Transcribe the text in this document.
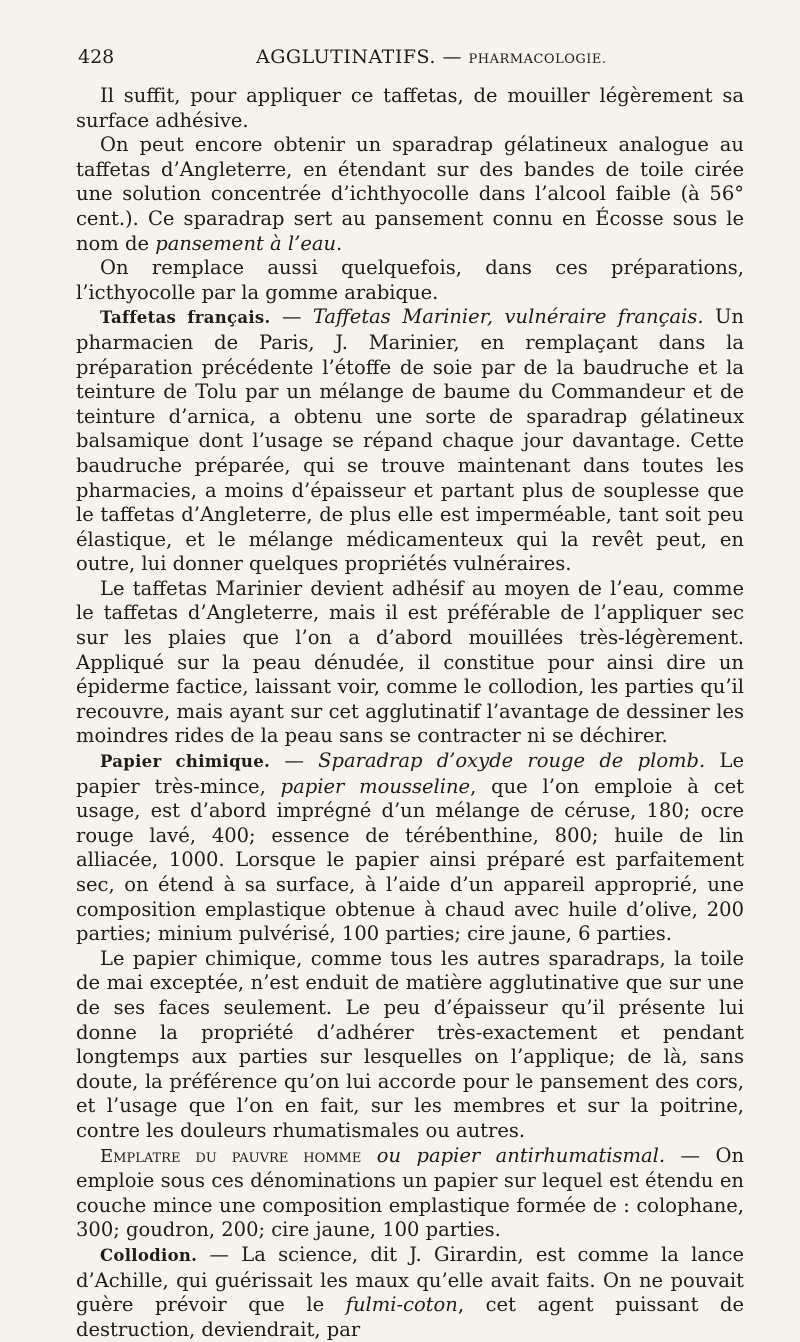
428	AGGLUTINATIFS. — PHARMACOLOGIE.

Il suffit, pour appliquer ce taffetas, de mouiller légèrement sa surface adhésive.

On peut encore obtenir un sparadrap gélatineux analogue au taffetas d’Angleterre, en étendant sur des bandes de toile cirée une solution concentrée d’ichthyocolle dans l’alcool faible (à 56° cent.). Ce sparadrap sert au pansement connu en Écosse sous le nom de pansement à l’eau.

On remplace aussi quelquefois, dans ces préparations, l’icthyocolle par la gomme arabique.

Taffetas français. — Taffetas Marinier, vulnéraire français. Un pharmacien de Paris, J. Marinier, en remplaçant dans la préparation précédente l’étoffe de soie par de la baudruche et la teinture de Tolu par un mélange de baume du Commandeur et de teinture d’arnica, a obtenu une sorte de sparadrap gélatineux balsamique dont l’usage se répand chaque jour davantage. Cette baudruche préparée, qui se trouve maintenant dans toutes les pharmacies, a moins d’épaisseur et partant plus de souplesse que le taffetas d’Angleterre, de plus elle est imperméable, tant soit peu élastique, et le mélange médicamenteux qui la revêt peut, en outre, lui donner quelques propriétés vulnéraires.

Le taffetas Marinier devient adhésif au moyen de l’eau, comme le taffetas d’Angleterre, mais il est préférable de l’appliquer sec sur les plaies que l’on a d’abord mouillées très-légèrement. Appliqué sur la peau dénudée, il constitue pour ainsi dire un épiderme factice, laissant voir, comme le collodion, les parties qu’il recouvre, mais ayant sur cet agglutinatif l’avantage de dessiner les moindres rides de la peau sans se contracter ni se déchirer.

Papier chimique. — Sparadrap d’oxyde rouge de plomb. Le papier très-mince, papier mousseline, que l’on emploie à cet usage, est d’abord imprégné d’un mélange de céruse, 180; ocre rouge lavé, 400; essence de térébenthine, 800; huile de lin alliacée, 1000. Lorsque le papier ainsi préparé est parfaitement sec, on étend à sa surface, à l’aide d’un appareil approprié, une composition emplastique obtenue à chaud avec huile d’olive, 200 parties; minium pulvérisé, 100 parties; cire jaune, 6 parties.

Le papier chimique, comme tous les autres sparadraps, la toile de mai exceptée, n’est enduit de matière agglutinative que sur une de ses faces seulement. Le peu d’épaisseur qu’il présente lui donne la propriété d’adhérer très-exactement et pendant longtemps aux parties sur lesquelles on l’applique; de là, sans doute, la préférence qu’on lui accorde pour le pansement des cors, et l’usage que l’on en fait, sur les membres et sur la poitrine, contre les douleurs rhumatismales ou autres.

Emplatre du pauvre homme ou papier antirhumatismal. — On emploie sous ces dénominations un papier sur lequel est étendu en couche mince une composition emplastique formée de : colophane, 300; goudron, 200; cire jaune, 100 parties.

Collodion. — La science, dit J. Girardin, est comme la lance d’Achille, qui guérissait les maux qu’elle avait faits. On ne pouvait guère prévoir que le fulmi-coton, cet agent puissant de destruction, deviendrait, par
